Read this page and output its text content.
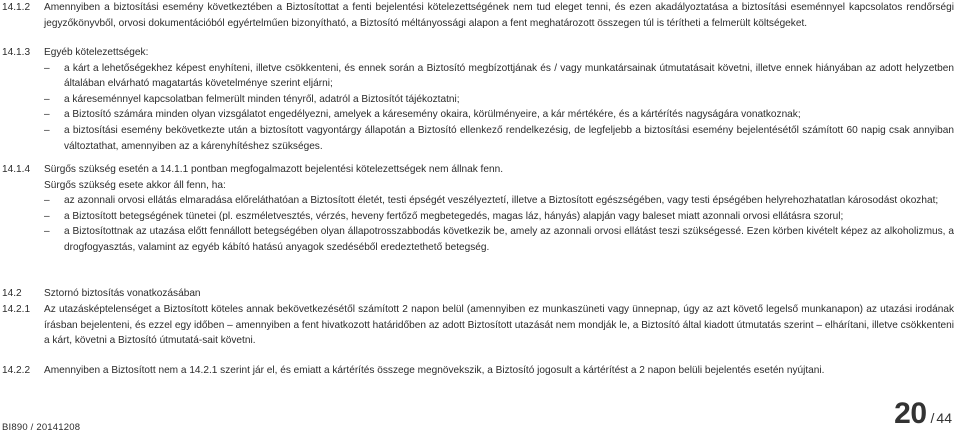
14.1.2 Amennyiben a biztosítási esemény következtében a Biztosítottat a fenti bejelentési kötelezettségének nem tud eleget tenni, és ezen akadályoztatása a biztosítási eseménnyel kapcsolatos rendőrségi jegyzőkönyvből, orvosi dokumentációból egyértelműen bizonyítható, a Biztosító méltányossági alapon a fent meghatározott összegen túl is térítheti a felmerült költségeket.
14.1.3 Egyéb kötelezettségek:

– a kárt a lehetőségekhez képest enyhíteni, illetve csökkenteni, és ennek során a Biztosító megbízottjának és / vagy munkatársainak útmutatásait követni, illetve ennek hiányában az adott helyzetben általában elvárható magatartás követelménye szerint eljárni;

– a káreseménnyel kapcsolatban felmerült minden tényről, adatról a Biztosítót tájékoztatni;

– a Biztosító számára minden olyan vizsgálatot engedélyezni, amelyek a káresemény okaira, körülményeire, a kár mértékére, és a kártérítés nagyságára vonatkoznak;

– a biztosítási esemény bekövetkezte után a biztosított vagyontárgy állapotán a Biztosító ellenkező rendelkezésig, de legfeljebb a biztosítási esemény bejelentésétől számított 60 napig csak annyiban változtathat, amennyiben az a kárenyhítéshez szükséges.

14.1.4 Sürgős szükség esetén a 14.1.1 pontban megfogalmazott bejelentési kötelezettségek nem állnak fenn.

Sürgős szükség esete akkor áll fenn, ha:

– az azonnali orvosi ellátás elmaradása előreláthatóan a Biztosított életét, testi épségét veszélyeztetí, illetve a Biztosított egészségében, vagy testi épségében helyrehozhatatlan károsodást okozhat;

– a Biztosított betegségének tünetei (pl. eszméletvesztés, vérzés, heveny fertőző megbetegedés, magas láz, hányás) alapján vagy baleset miatt azonnali orvosi ellátásra szorul;

– a Biztosítottnak az utazása előtt fennállott betegségében olyan állapotrosszabbodás következik be, amely az azonnali orvosi ellátást teszi szükségessé. Ezen körben kivételt képez az alkoholizmus, a drogfogyasztás, valamint az egyéb kábító hatású anyagok szedéséből eredeztethető betegség.

14.2 Sztornó biztosítás vonatkozásában
14.2.1 Az utazásképtelenséget a Biztosított köteles annak bekövetkezésétől számított 2 napon belül (amennyiben ez munkaszüneti vagy ünnepnap, úgy az azt követő legelső munkanapon) az utazási irodának írásban bejelenteni, és ezzel egy időben – amennyiben a fent hivatkozott határidőben az adott Biztosított utazását nem mondják le, a Biztosító által kiadott útmutatás szerint – elhárítani, illetve csökkenteni a kárt, követni a Biztosító útmutatá-sait követni.
14.2.2 Amennyiben a Biztosított nem a 14.2.1 szerint jár el, és emiatt a kártérítés összege megnövekszik, a Biztosító jogosult a kártérítést a 2 napon belüli bejelentés esetén nyújtani.
BI890 / 20141208	20 / 44
